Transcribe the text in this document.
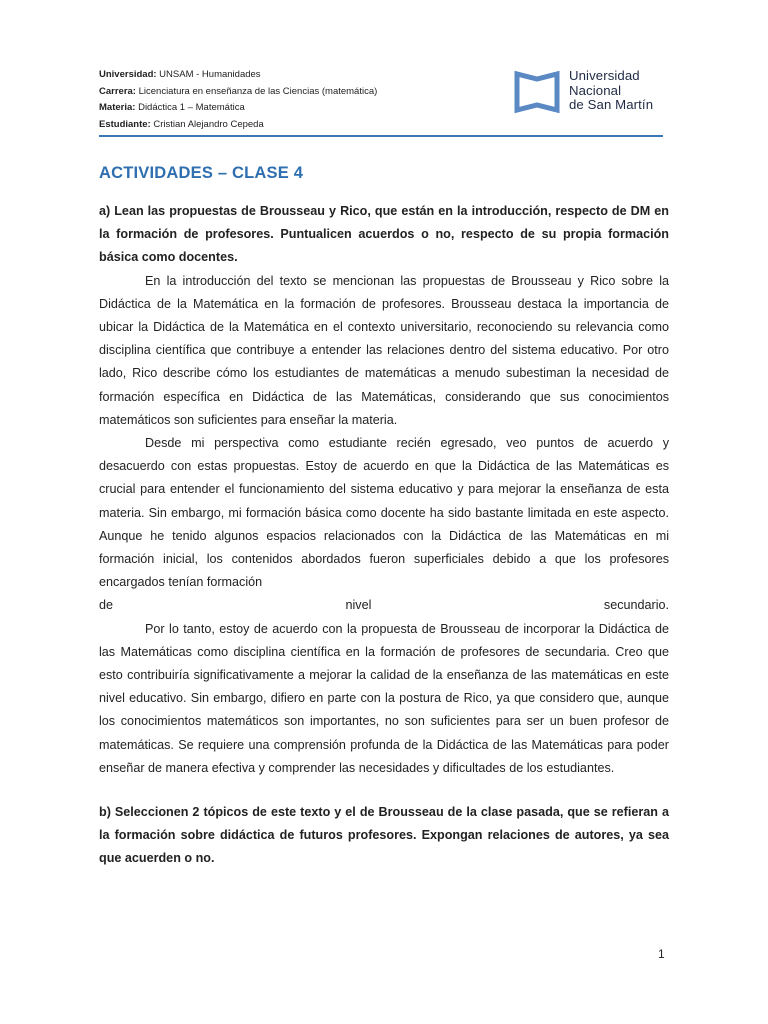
Universidad: UNSAM - Humanidades
Carrera: Licenciatura en enseñanza de las Ciencias (matemática)
Materia: Didáctica 1 – Matemática
Estudiante: Cristian Alejandro Cepeda
Universidad
Nacional
de San Martín
ACTIVIDADES – CLASE 4

a) Lean las propuestas de Brousseau y Rico, que están en la introducción, respecto de DM en la formación de profesores. Puntualicen acuerdos o no, respecto de su propia formación básica como docentes.

En la introducción del texto se mencionan las propuestas de Brousseau y Rico sobre la Didáctica de la Matemática en la formación de profesores. Brousseau destaca la importancia de ubicar la Didáctica de la Matemática en el contexto universitario, reconociendo su relevancia como disciplina científica que contribuye a entender las relaciones dentro del sistema educativo. Por otro lado, Rico describe cómo los estudiantes de matemáticas a menudo subestiman la necesidad de formación específica en Didáctica de las Matemáticas, considerando que sus conocimientos matemáticos son suficientes para enseñar la materia.

Desde mi perspectiva como estudiante recién egresado, veo puntos de acuerdo y desacuerdo con estas propuestas. Estoy de acuerdo en que la Didáctica de las Matemáticas es crucial para entender el funcionamiento del sistema educativo y para mejorar la enseñanza de esta materia. Sin embargo, mi formación básica como docente ha sido bastante limitada en este aspecto. Aunque he tenido algunos espacios relacionados con la Didáctica de las Matemáticas en mi formación inicial, los contenidos abordados fueron superficiales debido a que los profesores encargados tenían formación

de	nivel	secundario.

Por lo tanto, estoy de acuerdo con la propuesta de Brousseau de incorporar la Didáctica de las Matemáticas como disciplina científica en la formación de profesores de secundaria. Creo que esto contribuiría significativamente a mejorar la calidad de la enseñanza de las matemáticas en este nivel educativo. Sin embargo, difiero en parte con la postura de Rico, ya que considero que, aunque los conocimientos matemáticos son importantes, no son suficientes para ser un buen profesor de matemáticas. Se requiere una comprensión profunda de la Didáctica de las Matemáticas para poder enseñar de manera efectiva y comprender las necesidades y dificultades de los estudiantes.

b) Seleccionen 2 tópicos de este texto y el de Brousseau de la clase pasada, que se refieran a la formación sobre didáctica de futuros profesores. Expongan relaciones de autores, ya sea que acuerden o no.

1
